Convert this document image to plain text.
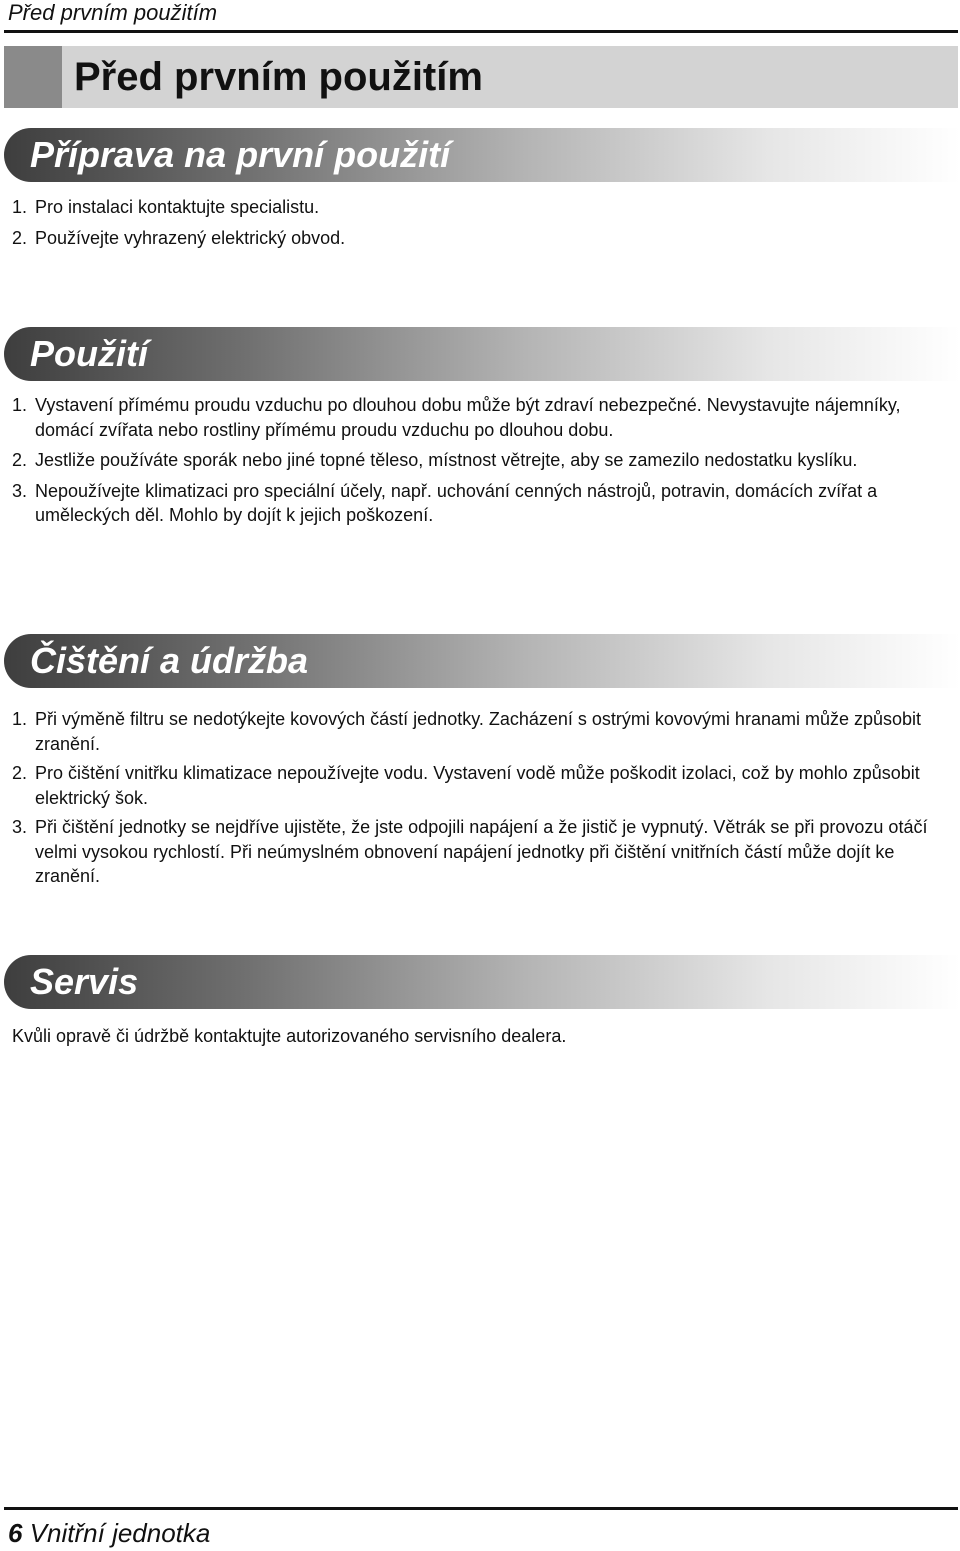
Před prvním použitím
Před prvním použitím
Příprava na první použití
1. Pro instalaci kontaktujte specialistu.
2. Používejte vyhrazený elektrický obvod.
Použití
1. Vystavení přímému proudu vzduchu po dlouhou dobu může být zdraví nebezpečné. Nevystavujte nájemníky, domácí zvířata nebo rostliny přímému proudu vzduchu po dlouhou dobu.
2. Jestliže používáte sporák nebo jiné topné těleso, místnost větrejte, aby se zamezilo nedostatku kyslíku.
3. Nepoužívejte klimatizaci pro speciální účely, např. uchování cenných nástrojů, potravin, domácích zvířat a uměleckých děl. Mohlo by dojít k jejich poškození.
Čištění a údržba
1. Při výměně filtru se nedotýkejte kovových částí jednotky. Zacházení s ostrými kovovými hranami může způsobit zranění.
2. Pro čištění vnitřku klimatizace nepoužívejte vodu. Vystavení vodě může poškodit izolaci, což by mohlo způsobit elektrický šok.
3. Při čištění jednotky se nejdříve ujistěte, že jste odpojili napájení a že jistič je vypnutý. Větrák se při provozu otáčí velmi vysokou rychlostí. Při neúmyslném obnovení napájení jednotky při čištění vnitřních částí může dojít ke zranění.
Servis
Kvůli opravě či údržbě kontaktujte autorizovaného servisního dealera.
6 Vnitřní jednotka
